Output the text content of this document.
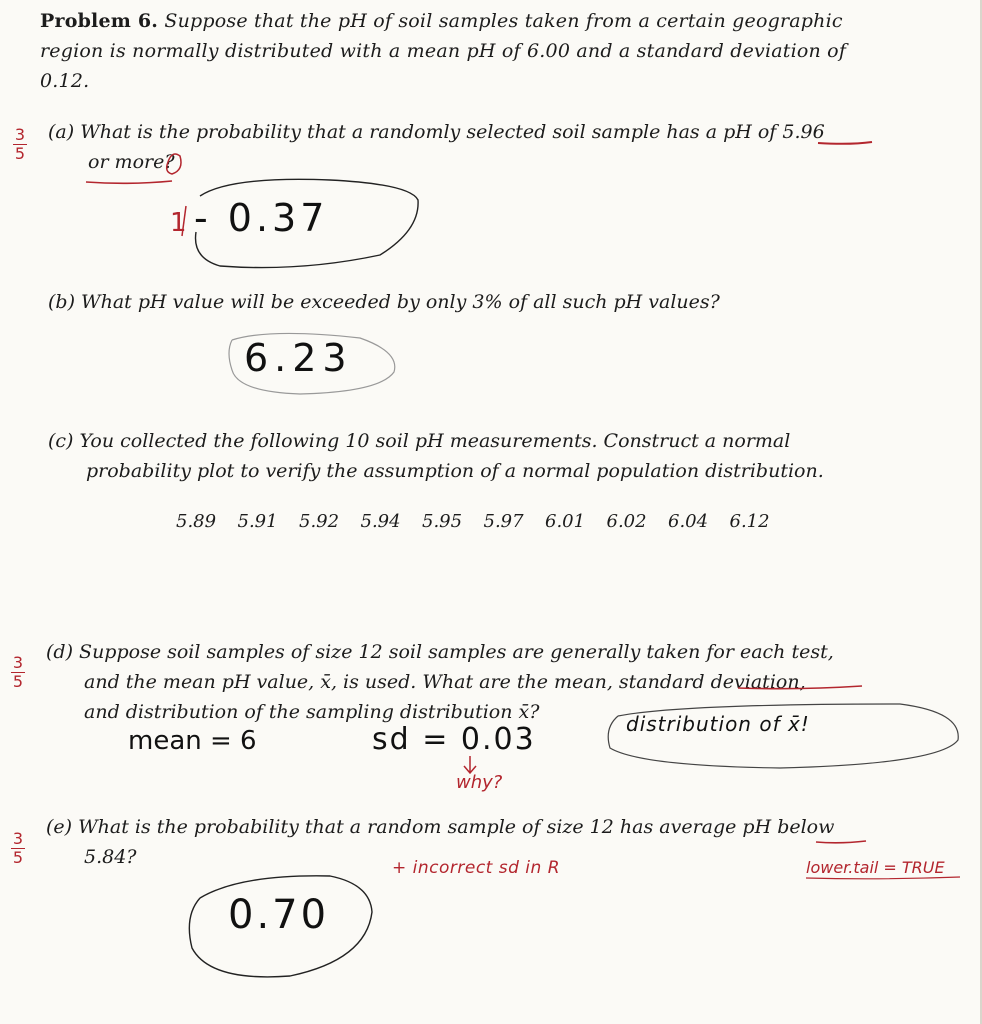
Problem 6. Suppose that the pH of soil samples taken from a certain geographic
region is normally distributed with a mean pH of 6.00 and a standard deviation of
0.12.
3
5
(a) What is the probability that a randomly selected soil sample has a pH of 5.96
or more?
1 - 0.37
(b) What pH value will be exceeded by only 3% of all such pH values?
6.23
(c) You collected the following 10 soil pH measurements. Construct a normal
probability plot to verify the assumption of a normal population distribution.
5.89	5.91	5.92	5.94	5.95	5.97	6.01	6.02	6.04	6.12
3
5
(d) Suppose soil samples of size 12 soil samples are generally taken for each test,
and the mean pH value, x̄, is used. What are the mean, standard deviation,
and distribution of the sampling distribution x̄?
mean = 6	sd = 0.03
why?
distribution of x̄!
3
5
(e) What is the probability that a random sample of size 12 has average pH below
5.84?	+ incorrect sd in R	lower.tail = TRUE
0.70
